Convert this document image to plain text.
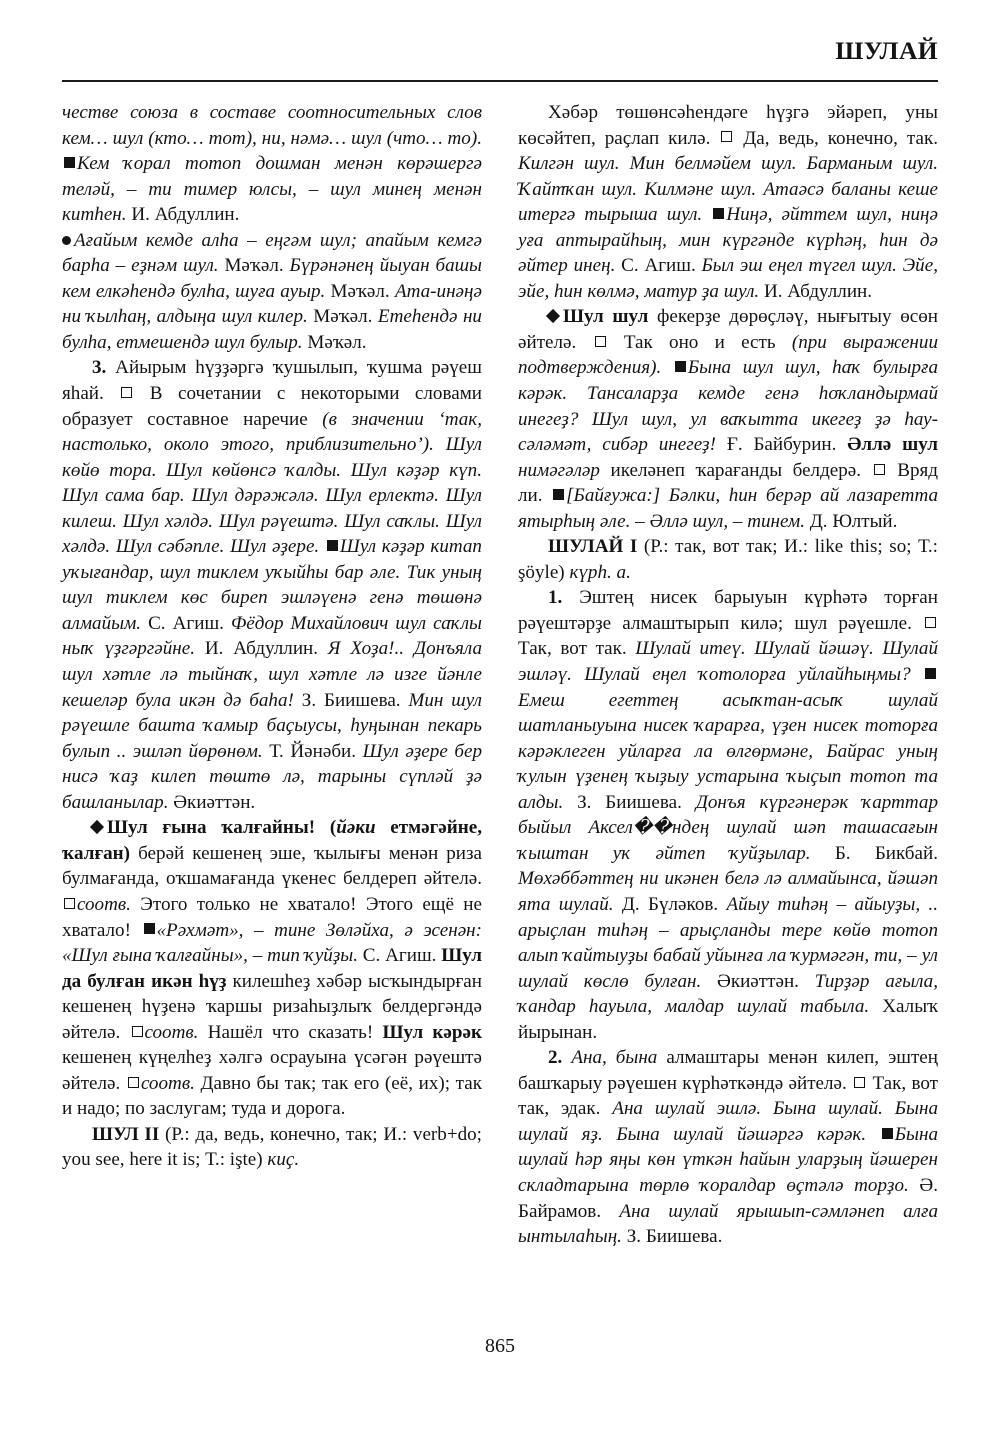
ШУЛАЙ

честве союза в составе соотносительных слов кем… шул (кто… тот), ни, нәмә… шул (что… то). Кем ҡорал тотоп дошман менән көрәшергә теләй, – ти тимер юлсы, – шул минең менән китһен. И. Абдуллин.

Ағайым кемде алһа – еңгәм шул; апайым кемгә барһа – еҙнәм шул. Мәҡәл. Бүрәнәнең йыуан башы кем елкәһендә булһа, шуға ауыр. Мәҡәл. Ата-инәңә ни ҡылһаң, алдыңа шул килер. Мәҡәл. Етеһендә ни булһа, етмешендә шул булыр. Мәҡәл.

3. Айырым һүҙҙәргә ҡушылып, ҡушма рәүеш яһай.  В сочетании с некоторыми словами образует составное наречие (в значении ‘так, настолько, около этого, приблизительно’). Шул көйө тора. Шул көйөнсә ҡалды. Шул кәҙәр күп. Шул сама бар. Шул дәрәжәлә. Шул ерлектә. Шул килеш. Шул хәлдә. Шул рәүештә. Шул саҡлы. Шул хәлдә. Шул сәбәпле. Шул әҙере. Шул кәҙәр китап уҡығандар, шул тиклем уҡыйһы бар әле. Тик уның шул тиклем көс биреп эшләүенә генә төшөнә алмайым. С. Агиш. Фёдор Михайлович шул саҡлы ныҡ үҙгәргәйне. И. Абдуллин. Я Хоҙа!.. Донъяла шул хәтле лә тыйнаҡ, шул хәтле лә изге йәнле кешеләр була икән дә баһа! З. Биишева. Мин шул рәүешле башта ҡамыр баҫыусы, һуңынан пекарь булып .. эшләп йөрөнөм. Т. Йәнәби. Шул әҙере бер нисә ҡаҙ килеп төштө лә, тарыны сүпләй ҙә башланылар. Әкиәттән.

Шул ғына ҡалғайны! (йәки етмәгәйне, ҡалған) берәй кешенең эше, ҡылығы менән риза булмағанда, оҡшамағанда үкенес белдереп әйтелә. соотв. Этого только не хватало! Этого ещё не хватало! «Рәхмәт», – тине Зөләйха, ә эсенән: «Шул ғына ҡалғайны», – тип ҡуйҙы. С. Агиш. Шул да булған икән һүҙ килешһеҙ хәбәр ысҡындырған кешенең һүҙенә ҡаршы ризаһыҙлыҡ белдергәндә әйтелә. соотв. Нашёл что сказать! Шул кәрәк кешенең күңелһеҙ хәлгә осрауына үсәгән рәүештә әйтелә. соотв. Давно бы так; так его (её, их); так и надо; по заслугам; туда и дорога.

ШУЛ II (Р.: да, ведь, конечно, так; И.: verb+do; you see, here it is; Т.: işte) киҫ.

Хәбәр төшөнсәһендәге һүҙгә эйәреп, уны көсәйтеп, раҫлап килә.  Да, ведь, конечно, так. Килгән шул. Мин белмәйем шул. Барманым шул. Ҡайтҡан шул. Килмәне шул. Атаәсә баланы кеше итергә тырыша шул. Ниңә, әйттем шул, ниңә уға аптырайһың, мин күргәнде күрһәң, һин дә әйтер инең. С. Агиш. Был эш еңел түгел шул. Эйе, эйе, һин көлмә, матур ҙа шул. И. Абдуллин.

Шул шул фекерҙе дөрөҫләү, нығытыу өсөн әйтелә.  Так оно и есть (при выражении подтверждения). Бына шул шул, һаҡ булырға кәрәк. Тансаларҙа кемде генә һоҡландырмай инегеҙ? Шул шул, ул ваҡытта икегеҙ ҙә һау-сәләмәт, сибәр инегеҙ! Ғ. Байбурин. Әллә шул нимәгәләр икеләнеп ҡарағанды белдерә.  Вряд ли. [Байғужа:] Бәлки, һин берәр ай лазаретта ятырһың әле. – Әллә шул, – тинем. Д. Юлтый.

ШУЛАЙ I (Р.: так, вот так; И.: like this; so; Т.: şöyle) күрһ. а.

1. Эштең нисек барыуын күрһәтә торған рәүештәрҙе алмаштырып килә; шул рәүешле.  Так, вот так. Шулай итеү. Шулай йәшәү. Шулай эшләү. Шулай еңел ҡотолорға уйлайһыңмы? Емеш егеттең асыҡтан-асыҡ шулай шатланыуына нисек ҡарарға, үҙен нисек тоторға кәрәклеген уйларға ла өлгөрмәне, Байрас уның ҡулын үҙенең ҡыҙыу устарына ҡыҫып тотоп та алды. З. Биишева. Донъя күргәнерәк ҡарттар быйыл Аксел��ндең шулай шәп ташасағын ҡыштан уҡ әйтеп ҡуйҙылар. Б. Бикбай. Мөхәббәттең ни икәнен белә лә алмайынса, йәшәп ята шулай. Д. Бүләков. Айыу тиһәң – айыуҙы, .. арыҫлан тиһәң – арыҫланды тере көйө тотоп алып ҡайтыуҙы бабай уйынға ла ҡурмәгән, ти, – ул шулай көслө булған. Әкиәттән. Тирҙәр ағыла, ҡандар һауыла, малдар шулай табыла. Халыҡ йырынан.

2. Ана, бына алмаштары менән килеп, эштең башҡарыу рәүешен күрһәткәндә әйтелә.  Так, вот так, эдак. Ана шулай эшлә. Бына шулай. Бына шулай яҙ. Бына шулай йәшәргә кәрәк. Бына шулай һәр яңы көн үткән һайын уларҙың йәшерен складтарына төрлө ҡоралдар өҫтәлә торҙо. Ә. Байрамов. Ана шулай ярышып-сәмләнеп алға ынтылаһың. З. Биишева.

865
